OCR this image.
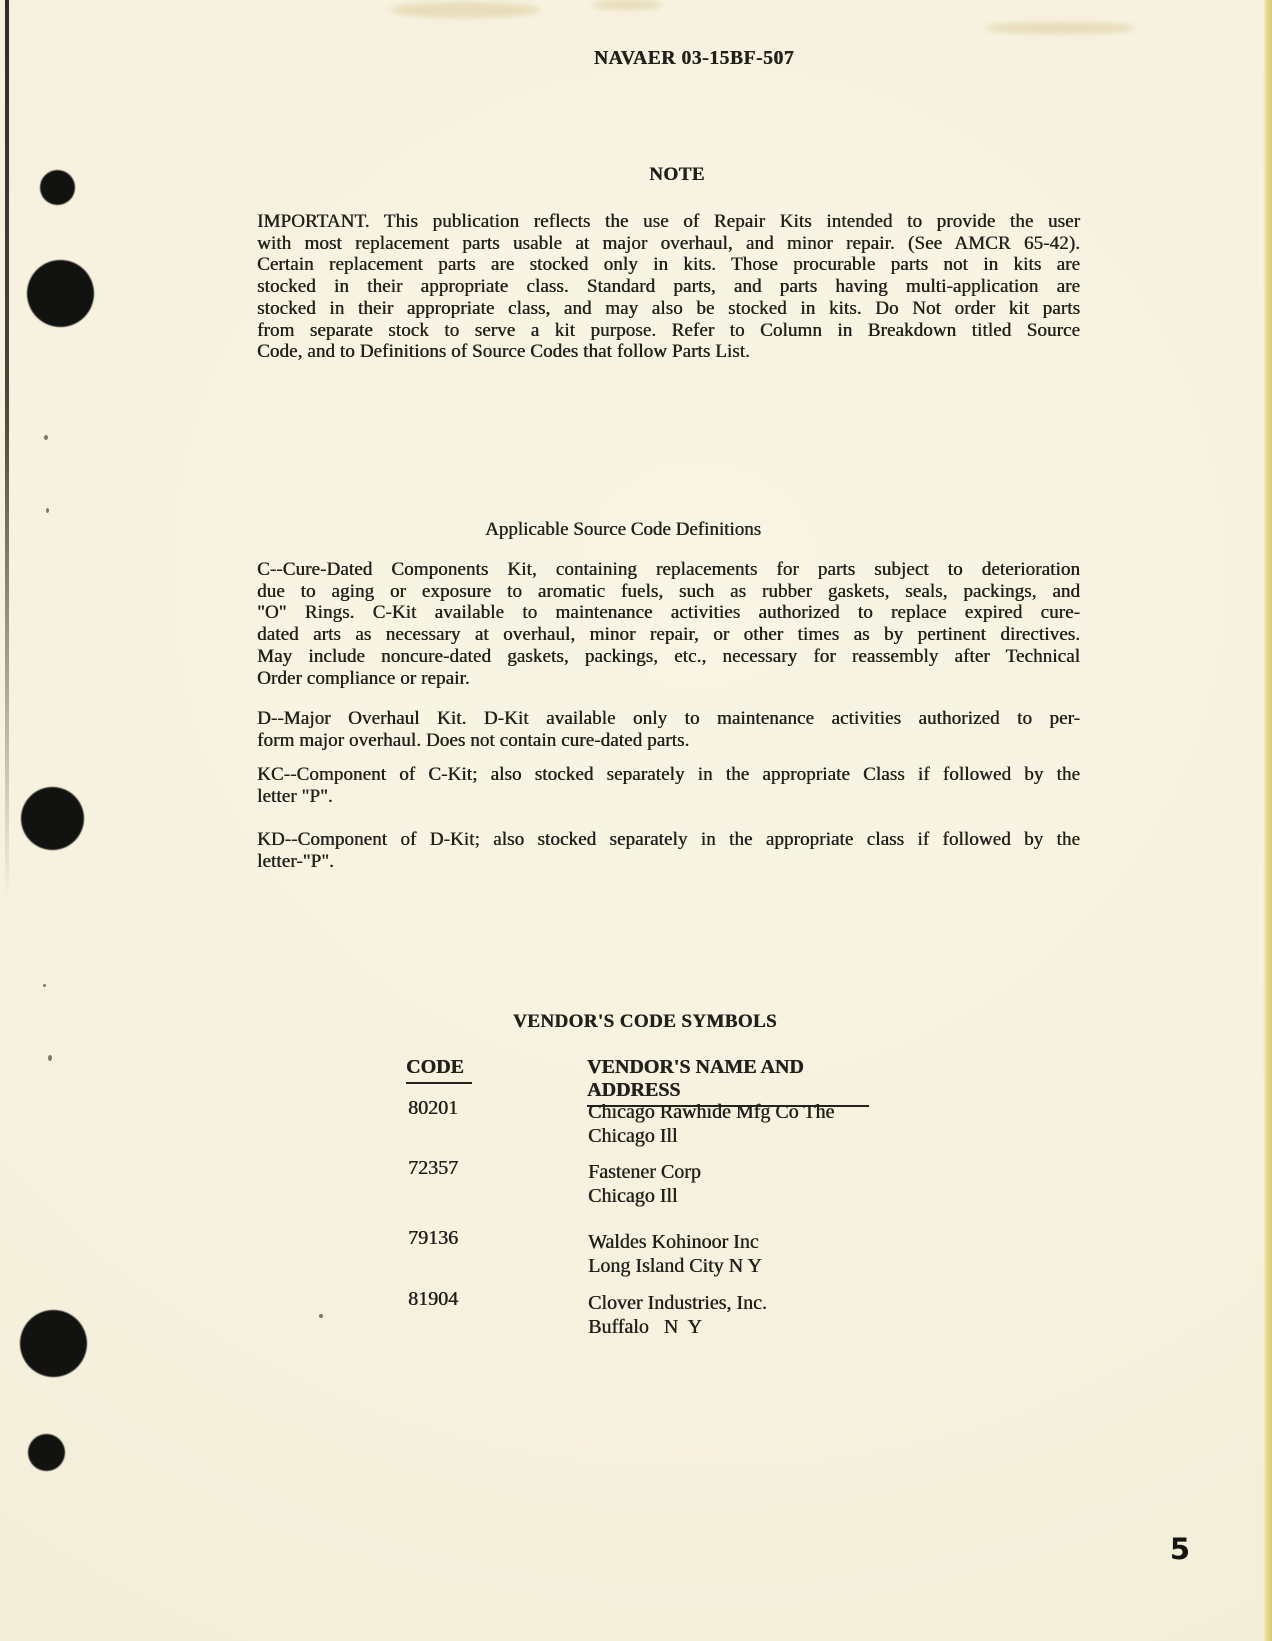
NAVAER 03-15BF-507
NOTE
IMPORTANT. This publication reflects the use of Repair Kits intended to provide the user
with most replacement parts usable at major overhaul, and minor repair. (See AMCR 65-42).
Certain replacement parts are stocked only in kits. Those procurable parts not in kits are
stocked in their appropriate class. Standard parts, and parts having multi-application are
stocked in their appropriate class, and may also be stocked in kits. Do Not order kit parts
from separate stock to serve a kit purpose. Refer to Column in Breakdown titled Source
Code, and to Definitions of Source Codes that follow Parts List.
Applicable Source Code Definitions
C--Cure-Dated Components Kit, containing replacements for parts subject to deterioration
due to aging or exposure to aromatic fuels, such as rubber gaskets, seals, packings, and
"O" Rings. C-Kit available to maintenance activities authorized to replace expired cure-
dated arts as necessary at overhaul, minor repair, or other times as by pertinent directives.
May include noncure-dated gaskets, packings, etc., necessary for reassembly after Technical
Order compliance or repair.
D--Major Overhaul Kit. D-Kit available only to maintenance activities authorized to per-
form major overhaul. Does not contain cure-dated parts.
KC--Component of C-Kit; also stocked separately in the appropriate Class if followed by the
letter "P".
KD--Component of D-Kit; also stocked separately in the appropriate class if followed by the
letter-"P".
VENDOR'S CODE SYMBOLS
CODE	VENDOR'S NAME AND ADDRESS
80201	Chicago Rawhide Mfg Co The
Chicago Ill
72357	Fastener Corp
Chicago Ill
79136	Waldes Kohinoor Inc
Long Island City N Y
81904	Clover Industries, Inc.
Buffalo   N  Y
5
